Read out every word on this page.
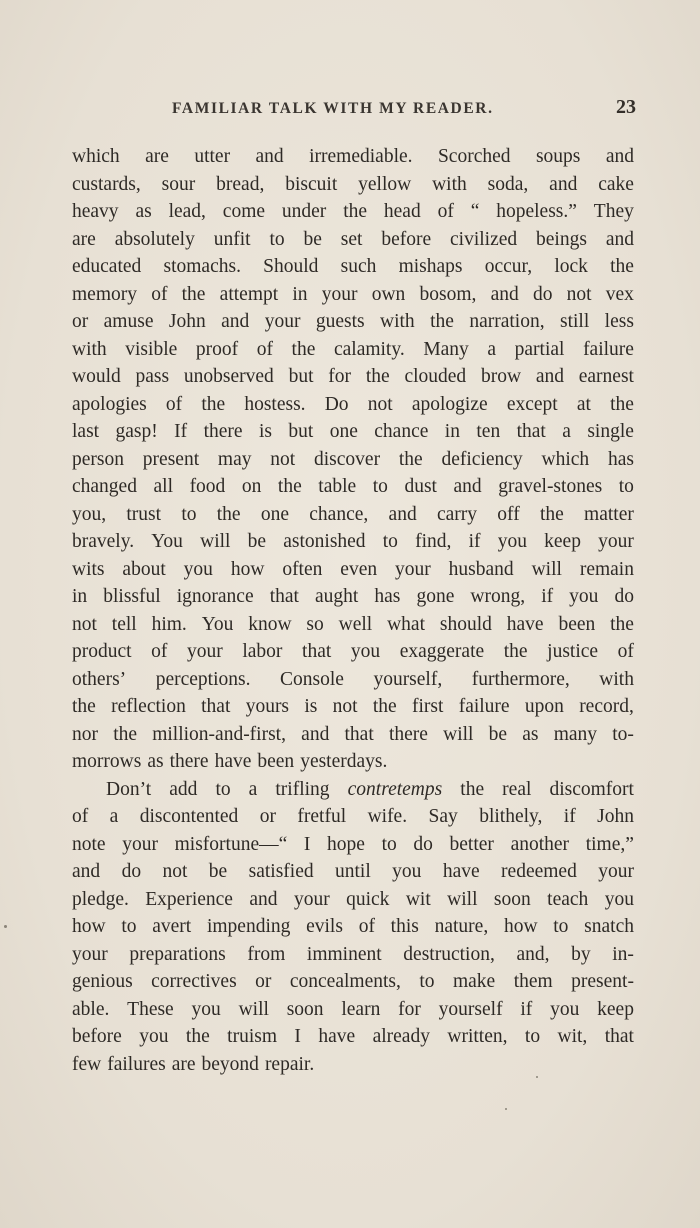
FAMILIAR TALK WITH MY READER.	23
which are utter and irremediable. Scorched soups and
custards, sour bread, biscuit yellow with soda, and cake
heavy as lead, come under the head of “ hopeless.” They
are absolutely unfit to be set before civilized beings and
educated stomachs. Should such mishaps occur, lock the
memory of the attempt in your own bosom, and do not vex
or amuse John and your guests with the narration, still less
with visible proof of the calamity. Many a partial failure
would pass unobserved but for the clouded brow and earnest
apologies of the hostess. Do not apologize except at the
last gasp! If there is but one chance in ten that a single
person present may not discover the deficiency which has
changed all food on the table to dust and gravel-stones to
you, trust to the one chance, and carry off the matter
bravely. You will be astonished to find, if you keep your
wits about you how often even your husband will remain
in blissful ignorance that aught has gone wrong, if you do
not tell him. You know so well what should have been the
product of your labor that you exaggerate the justice of
others’ perceptions. Console yourself, furthermore, with
the reflection that yours is not the first failure upon record,
nor the million-and-first, and that there will be as many to-
morrows as there have been yesterdays.
Don’t add to a trifling contretemps the real discomfort
of a discontented or fretful wife. Say blithely, if John
note your misfortune—“ I hope to do better another time,”
and do not be satisfied until you have redeemed your
pledge. Experience and your quick wit will soon teach you
how to avert impending evils of this nature, how to snatch
your preparations from imminent destruction, and, by in-
genious correctives or concealments, to make them present-
able. These you will soon learn for yourself if you keep
before you the truism I have already written, to wit, that
few failures are beyond repair.
